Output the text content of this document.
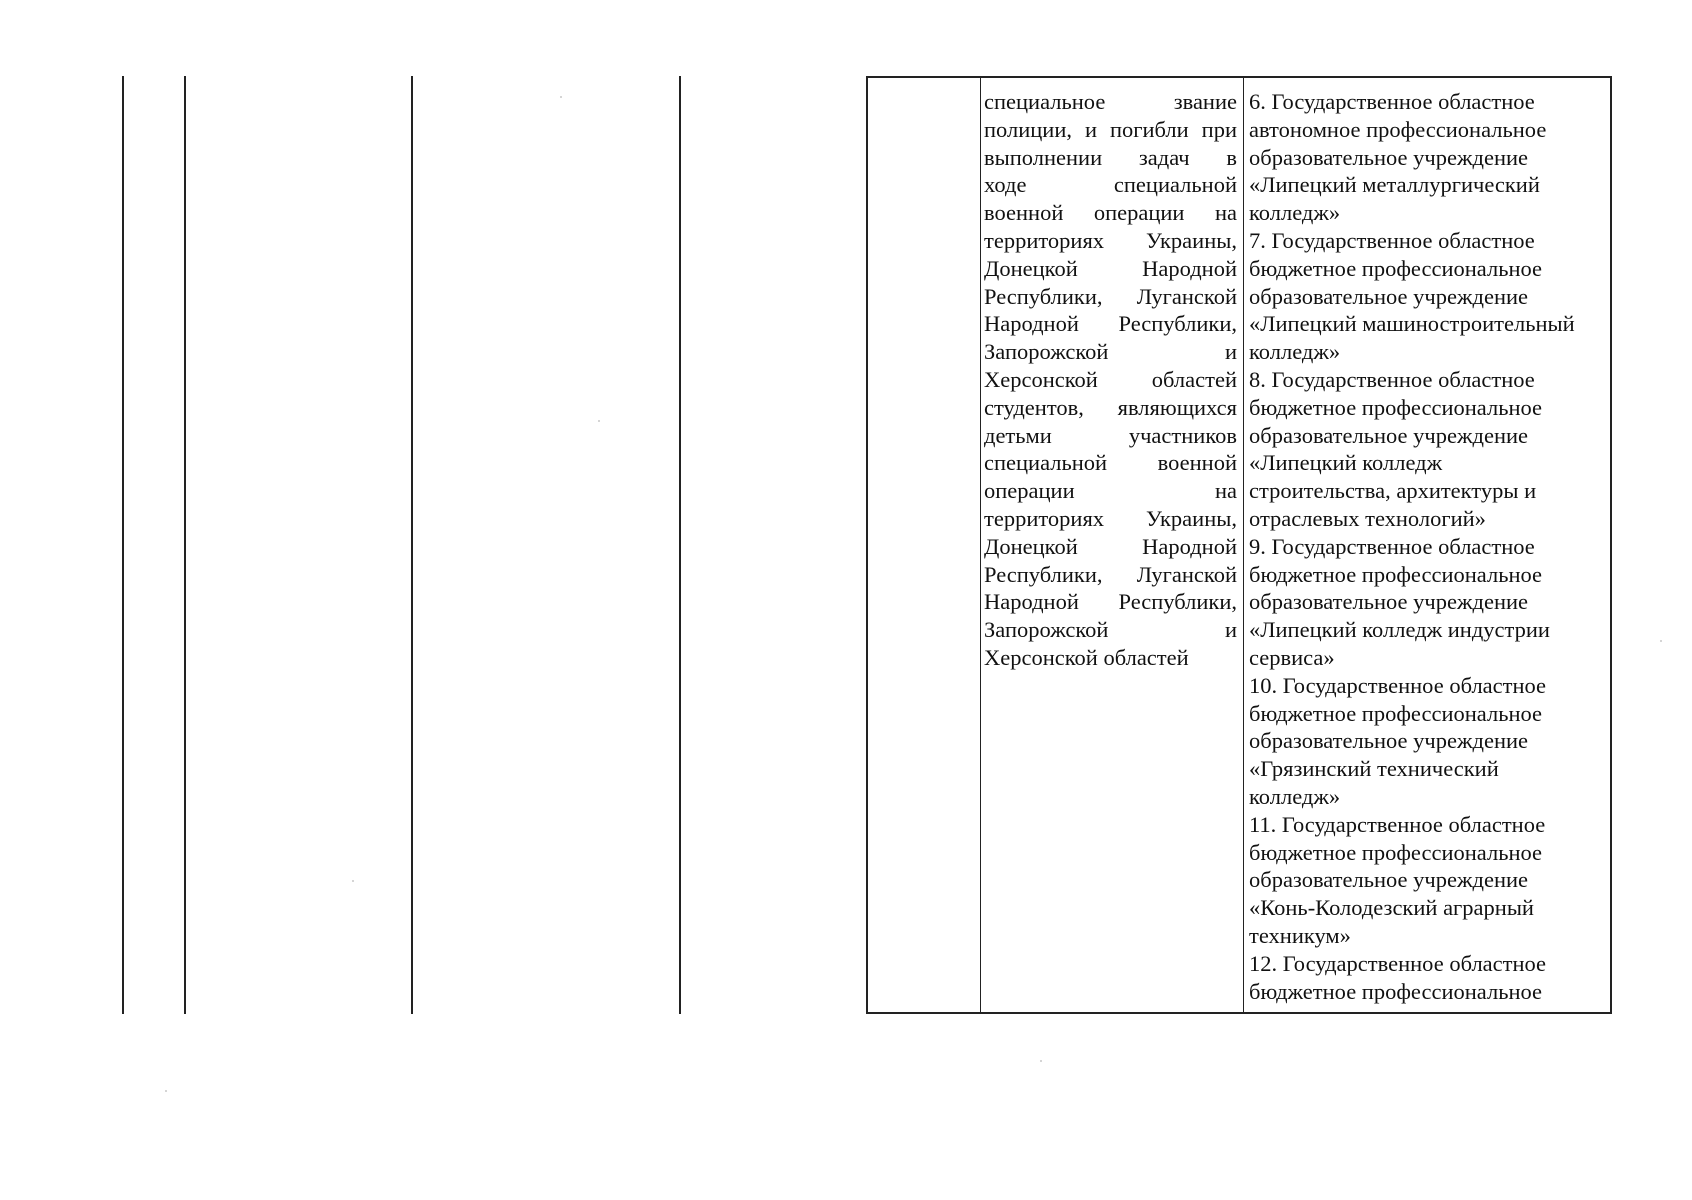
специальное звание
полиции, и погибли при
выполнении задач в
ходе специальной
военной операции на
территориях Украины,
Донецкой Народной
Республики, Луганской
Народной Республики,
Запорожской и
Херсонской областей
студентов, являющихся
детьми участников
специальной военной
операции на
территориях Украины,
Донецкой Народной
Республики, Луганской
Народной Республики,
Запорожской и
Херсонской областей
6. Государственное областное
автономное профессиональное
образовательное учреждение
«Липецкий металлургический
колледж»
7. Государственное областное
бюджетное профессиональное
образовательное учреждение
«Липецкий машиностроительный
колледж»
8. Государственное областное
бюджетное профессиональное
образовательное учреждение
«Липецкий колледж
строительства, архитектуры и
отраслевых технологий»
9. Государственное областное
бюджетное профессиональное
образовательное учреждение
«Липецкий колледж индустрии
сервиса»
10. Государственное областное
бюджетное профессиональное
образовательное учреждение
«Грязинский технический
колледж»
11. Государственное областное
бюджетное профессиональное
образовательное учреждение
«Конь-Колодезский аграрный
техникум»
12. Государственное областное
бюджетное профессиональное
